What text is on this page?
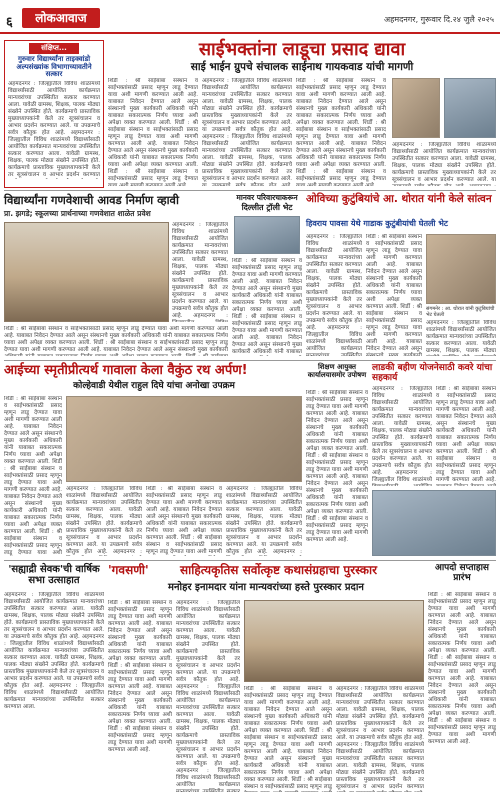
६	लोकआवाज	अहमदनगर, गुरूवार दि.२४ जुलै २०२५
संक्षिप्त...
गुरुवार विद्यार्थ्यांना ताइक्वांडो अल्पसंख्यांक विभागाच्यावतीने सत्कार
अहमदनगर : जिल्ह्यातील विविध शाळांमध्ये विद्यार्थ्यांसाठी आयोजित कार्यक्रमात मान्यवरांच्या उपस्थितीत सत्कार करण्यात आला. यावेळी ग्रामस्थ, शिक्षक, पालक मोठ्या संख्येने उपस्थित होते. कार्यक्रमाचे प्रास्ताविक मुख्याध्यापकांनी केले तर सूत्रसंचालन व आभार प्रदर्शन करण्यात आले. या उपक्रमाचे सर्वत्र कौतुक होत आहे. अहमदनगर : जिल्ह्यातील विविध शाळांमध्ये विद्यार्थ्यांसाठी आयोजित कार्यक्रमात मान्यवरांच्या उपस्थितीत सत्कार करण्यात आला. यावेळी ग्रामस्थ, शिक्षक, पालक मोठ्या संख्येने उपस्थित होते. कार्यक्रमाचे प्रास्ताविक मुख्याध्यापकांनी केले तर सूत्रसंचालन व आभार प्रदर्शन करण्यात आले. या उपक्रमाचे सर्वत्र कौतुक होत आहे. अहमदनगर : जिल्ह्यातील विविध शाळांमध्ये विद्यार्थ्यांसाठी आयोजित कार्यक्रमात मान्यवरांच्या उपस्थितीत सत्कार करण्यात आला.
साईभक्तांना लाडूचा प्रसाद द्यावा
साई भाईन ग्रुपचे संचालक साईनाथ गायकवाड यांची मागणी
शिर्डी : श्री साईबाबा संस्थान व साईभक्तांसाठी प्रसाद म्हणून लाडू देण्यात यावा अशी मागणी करण्यात आली आहे. याबाबत निवेदन देण्यात आले असून संस्थानचे मुख्य कार्यकारी अधिकारी यांनी याबाबत सकारात्मक निर्णय घ्यावा अशी अपेक्षा व्यक्त करण्यात आली. शिर्डी : श्री साईबाबा संस्थान व साईभक्तांसाठी प्रसाद म्हणून लाडू देण्यात यावा अशी मागणी करण्यात आली आहे. याबाबत निवेदन देण्यात आले असून संस्थानचे मुख्य कार्यकारी अधिकारी यांनी याबाबत सकारात्मक निर्णय घ्यावा अशी अपेक्षा व्यक्त करण्यात आली. शिर्डी : श्री साईबाबा संस्थान व साईभक्तांसाठी प्रसाद म्हणून लाडू देण्यात यावा अशी मागणी करण्यात आली आहे.
अहमदनगर : जिल्ह्यातील विविध शाळांमध्ये विद्यार्थ्यांसाठी आयोजित कार्यक्रमात मान्यवरांच्या उपस्थितीत सत्कार करण्यात आला. यावेळी ग्रामस्थ, शिक्षक, पालक मोठ्या संख्येने उपस्थित होते. कार्यक्रमाचे प्रास्ताविक मुख्याध्यापकांनी केले तर सूत्रसंचालन व आभार प्रदर्शन करण्यात आले. या उपक्रमाचे सर्वत्र कौतुक होत आहे. अहमदनगर : जिल्ह्यातील विविध शाळांमध्ये विद्यार्थ्यांसाठी आयोजित कार्यक्रमात मान्यवरांच्या उपस्थितीत सत्कार करण्यात आला. यावेळी ग्रामस्थ, शिक्षक, पालक मोठ्या संख्येने उपस्थित होते. कार्यक्रमाचे प्रास्ताविक मुख्याध्यापकांनी केले तर सूत्रसंचालन व आभार प्रदर्शन करण्यात आले. या उपक्रमाचे सर्वत्र कौतुक होत आहे. अहमदनगर : जिल्ह्यातील विविध शाळांमध्ये विद्यार्थ्यांसाठी आयोजित कार्यक्रमात मान्यवरांच्या उपस्थितीत सत्कार करण्यात आला.
शिर्डी : श्री साईबाबा संस्थान व साईभक्तांसाठी प्रसाद म्हणून लाडू देण्यात यावा अशी मागणी करण्यात आली आहे. याबाबत निवेदन देण्यात आले असून संस्थानचे मुख्य कार्यकारी अधिकारी यांनी याबाबत सकारात्मक निर्णय घ्यावा अशी अपेक्षा व्यक्त करण्यात आली. शिर्डी : श्री साईबाबा संस्थान व साईभक्तांसाठी प्रसाद म्हणून लाडू देण्यात यावा अशी मागणी करण्यात आली आहे. याबाबत निवेदन देण्यात आले असून संस्थानचे मुख्य कार्यकारी अधिकारी यांनी याबाबत सकारात्मक निर्णय घ्यावा अशी अपेक्षा व्यक्त करण्यात आली. शिर्डी : श्री साईबाबा संस्थान व साईभक्तांसाठी प्रसाद म्हणून लाडू देण्यात यावा अशी मागणी करण्यात आली आहे.
अहमदनगर : जिल्ह्यातील विविध शाळांमध्ये विद्यार्थ्यांसाठी आयोजित कार्यक्रमात मान्यवरांच्या उपस्थितीत सत्कार करण्यात आला. यावेळी ग्रामस्थ, शिक्षक, पालक मोठ्या संख्येने उपस्थित होते. कार्यक्रमाचे प्रास्ताविक मुख्याध्यापकांनी केले तर सूत्रसंचालन व आभार प्रदर्शन करण्यात आले. या उपक्रमाचे सर्वत्र कौतुक होत आहे. अहमदनगर : जिल्ह्यातील विविध शाळांमध्ये विद्यार्थ्यांसाठी आयोजित कार्यक्रमात मान्यवरांच्या उपस्थितीत सत्कार करण्यात आला. यावेळी ग्रामस्थ, शिक्षक, पालक मोठ्या संख्येने उपस्थित होते. कार्यक्रमाचे प्रास्ताविक मुख्याध्यापकांनी केले तर सूत्रसंचालन व आभार प्रदर्शन करण्यात आले. या उपक्रमाचे सर्वत्र कौतुक होत आहे. अहमदनगर : जिल्ह्यातील विविध शाळांमध्ये विद्यार्थ्यांसाठी आयोजित कार्यक्रमात मान्यवरांच्या उपस्थितीत सत्कार करण्यात आला.
विद्यार्थ्यांना गणवेशाची आवड निर्माण व्हावी
प्रा. झगडे; स्कूलच्या प्रार्थनाच्या गणवेशात शाळेत प्रवेश
अहमदनगर : जिल्ह्यातील विविध शाळांमध्ये विद्यार्थ्यांसाठी आयोजित कार्यक्रमात मान्यवरांच्या उपस्थितीत सत्कार करण्यात आला. यावेळी ग्रामस्थ, शिक्षक, पालक मोठ्या संख्येने उपस्थित होते. कार्यक्रमाचे प्रास्ताविक मुख्याध्यापकांनी केले तर सूत्रसंचालन व आभार प्रदर्शन करण्यात आले. या उपक्रमाचे सर्वत्र कौतुक होत आहे. अहमदनगर : जिल्ह्यातील विविध शाळांमध्ये विद्यार्थ्यांसाठी आयोजित कार्यक्रमात मान्यवरांच्या उपस्थितीत सत्कार करण्यात आला. यावेळी ग्रामस्थ, शिक्षक, पालक मोठ्या संख्येने उपस्थित होते. कार्यक्रमाचे प्रास्ताविक मुख्याध्यापकांनी केले तर सूत्रसंचालन व आभार प्रदर्शन करण्यात आले. या उपक्रमाचे सर्वत्र कौतुक होत आहे. अहमदनगर : जिल्ह्यातील विविध शाळांमध्ये विद्यार्थ्यांसाठी आयोजित कार्यक्रमात मान्यवरांच्या उपस्थितीत सत्कार करण्यात आला.
शिर्डी : श्री साईबाबा संस्थान व साईभक्तांसाठी प्रसाद म्हणून लाडू देण्यात यावा अशी मागणी करण्यात आली आहे. याबाबत निवेदन देण्यात आले असून संस्थानचे मुख्य कार्यकारी अधिकारी यांनी याबाबत सकारात्मक निर्णय घ्यावा अशी अपेक्षा व्यक्त करण्यात आली. शिर्डी : श्री साईबाबा संस्थान व साईभक्तांसाठी प्रसाद म्हणून लाडू देण्यात यावा अशी मागणी करण्यात आली आहे. याबाबत निवेदन देण्यात आले असून संस्थानचे मुख्य कार्यकारी अधिकारी यांनी याबाबत सकारात्मक निर्णय घ्यावा अशी अपेक्षा व्यक्त करण्यात आली. शिर्डी : श्री साईबाबा संस्थान व साईभक्तांसाठी प्रसाद म्हणून लाडू देण्यात यावा अशी मागणी करण्यात आली आहे.
मानवर परिवारचाकरून
दिल्लीत ट्रॉली भेट
शिर्डी : श्री साईबाबा संस्थान व साईभक्तांसाठी प्रसाद म्हणून लाडू देण्यात यावा अशी मागणी करण्यात आली आहे. याबाबत निवेदन देण्यात आले असून संस्थानचे मुख्य कार्यकारी अधिकारी यांनी याबाबत सकारात्मक निर्णय घ्यावा अशी अपेक्षा व्यक्त करण्यात आली. शिर्डी : श्री साईबाबा संस्थान व साईभक्तांसाठी प्रसाद म्हणून लाडू देण्यात यावा अशी मागणी करण्यात आली आहे. याबाबत निवेदन देण्यात आले असून संस्थानचे मुख्य कार्यकारी अधिकारी यांनी याबाबत सकारात्मक निर्णय घ्यावा अशी अपेक्षा व्यक्त करण्यात आली. शिर्डी : श्री साईबाबा संस्थान व साईभक्तांसाठी प्रसाद म्हणून लाडू देण्यात यावा अशी मागणी करण्यात आली आहे.
ओविच्या कुटुंबियांचे आ. थोरात यांनी केले सांत्वन
हिवराय पावसा येथे गाडाक कुटुंबीयांची घेतली भेट
अहमदनगर : जिल्ह्यातील विविध शाळांमध्ये विद्यार्थ्यांसाठी आयोजित कार्यक्रमात मान्यवरांच्या उपस्थितीत सत्कार करण्यात आला. यावेळी ग्रामस्थ, शिक्षक, पालक मोठ्या संख्येने उपस्थित होते. कार्यक्रमाचे प्रास्ताविक मुख्याध्यापकांनी केले तर सूत्रसंचालन व आभार प्रदर्शन करण्यात आले. या उपक्रमाचे सर्वत्र कौतुक होत आहे. अहमदनगर : जिल्ह्यातील विविध शाळांमध्ये विद्यार्थ्यांसाठी आयोजित कार्यक्रमात मान्यवरांच्या उपस्थितीत सत्कार करण्यात आला. यावेळी ग्रामस्थ, शिक्षक, पालक मोठ्या संख्येने उपस्थित होते. कार्यक्रमाचे प्रास्ताविक मुख्याध्यापकांनी केले तर सूत्रसंचालन व आभार प्रदर्शन करण्यात आले. या उपक्रमाचे सर्वत्र कौतुक होत आहे. अहमदनगर : जिल्ह्यातील विविध शाळांमध्ये विद्यार्थ्यांसाठी आयोजित कार्यक्रमात मान्यवरांच्या उपस्थितीत सत्कार करण्यात आला.
शिर्डी : श्री साईबाबा संस्थान व साईभक्तांसाठी प्रसाद म्हणून लाडू देण्यात यावा अशी मागणी करण्यात आली आहे. याबाबत निवेदन देण्यात आले असून संस्थानचे मुख्य कार्यकारी अधिकारी यांनी याबाबत सकारात्मक निर्णय घ्यावा अशी अपेक्षा व्यक्त करण्यात आली. शिर्डी : श्री साईबाबा संस्थान व साईभक्तांसाठी प्रसाद म्हणून लाडू देण्यात यावा अशी मागणी करण्यात आली आहे. याबाबत निवेदन देण्यात आले असून संस्थानचे मुख्य कार्यकारी अधिकारी यांनी याबाबत सकारात्मक निर्णय घ्यावा अशी अपेक्षा व्यक्त करण्यात आली. शिर्डी : श्री साईबाबा संस्थान व साईभक्तांसाठी प्रसाद म्हणून लाडू देण्यात यावा अशी मागणी करण्यात आली आहे.
संगमनेर : आ. थोरात यांनी कुटुंबियांची भेट घेतली
अहमदनगर : जिल्ह्यातील विविध शाळांमध्ये विद्यार्थ्यांसाठी आयोजित कार्यक्रमात मान्यवरांच्या उपस्थितीत सत्कार करण्यात आला. यावेळी ग्रामस्थ, शिक्षक, पालक मोठ्या संख्येने उपस्थित होते. कार्यक्रमाचे प्रास्ताविक मुख्याध्यापकांनी केले तर सूत्रसंचालन व आभार प्रदर्शन करण्यात आले. या उपक्रमाचे सर्वत्र कौतुक होत आहे. अहमदनगर : जिल्ह्यातील विविध शाळांमध्ये विद्यार्थ्यांसाठी आयोजित कार्यक्रमात मान्यवरांच्या उपस्थितीत सत्कार करण्यात आला. यावेळी ग्रामस्थ, शिक्षक, पालक मोठ्या संख्येने उपस्थित होते. कार्यक्रमाचे प्रास्ताविक मुख्याध्यापकांनी केले तर सूत्रसंचालन व आभार प्रदर्शन करण्यात आले. या उपक्रमाचे सर्वत्र कौतुक होत आहे. अहमदनगर : जिल्ह्यातील विविध शाळांमध्ये विद्यार्थ्यांसाठी आयोजित कार्यक्रमात मान्यवरांच्या उपस्थितीत सत्कार करण्यात आला.
आईच्या स्मृतीप्रीत्यर्थ गावाला केला वैकुंठ रथ अर्पण!
कोल्हेवाडी येथील राहुल दिघे यांचा अनोखा उपक्रम
शिर्डी : श्री साईबाबा संस्थान व साईभक्तांसाठी प्रसाद म्हणून लाडू देण्यात यावा अशी मागणी करण्यात आली आहे. याबाबत निवेदन देण्यात आले असून संस्थानचे मुख्य कार्यकारी अधिकारी यांनी याबाबत सकारात्मक निर्णय घ्यावा अशी अपेक्षा व्यक्त करण्यात आली. शिर्डी : श्री साईबाबा संस्थान व साईभक्तांसाठी प्रसाद म्हणून लाडू देण्यात यावा अशी मागणी करण्यात आली आहे. याबाबत निवेदन देण्यात आले असून संस्थानचे मुख्य कार्यकारी अधिकारी यांनी याबाबत सकारात्मक निर्णय घ्यावा अशी अपेक्षा व्यक्त करण्यात आली. शिर्डी : श्री साईबाबा संस्थान व साईभक्तांसाठी प्रसाद म्हणून लाडू देण्यात यावा अशी मागणी करण्यात आली आहे.
अहमदनगर : जिल्ह्यातील विविध शाळांमध्ये विद्यार्थ्यांसाठी आयोजित कार्यक्रमात मान्यवरांच्या उपस्थितीत सत्कार करण्यात आला. यावेळी ग्रामस्थ, शिक्षक, पालक मोठ्या संख्येने उपस्थित होते. कार्यक्रमाचे प्रास्ताविक मुख्याध्यापकांनी केले तर सूत्रसंचालन व आभार प्रदर्शन करण्यात आले. या उपक्रमाचे सर्वत्र कौतुक होत आहे. अहमदनगर : जिल्ह्यातील विविध शाळांमध्ये विद्यार्थ्यांसाठी आयोजित कार्यक्रमात मान्यवरांच्या उपस्थितीत सत्कार करण्यात आला. यावेळी ग्रामस्थ, शिक्षक, पालक मोठ्या संख्येने उपस्थित होते. कार्यक्रमाचे प्रास्ताविक मुख्याध्यापकांनी केले तर सूत्रसंचालन व आभार प्रदर्शन करण्यात आले. या उपक्रमाचे सर्वत्र कौतुक होत आहे. अहमदनगर : जिल्ह्यातील विविध शाळांमध्ये विद्यार्थ्यांसाठी आयोजित कार्यक्रमात मान्यवरांच्या उपस्थितीत सत्कार करण्यात आला.
शिर्डी : श्री साईबाबा संस्थान व साईभक्तांसाठी प्रसाद म्हणून लाडू देण्यात यावा अशी मागणी करण्यात आली आहे. याबाबत निवेदन देण्यात आले असून संस्थानचे मुख्य कार्यकारी अधिकारी यांनी याबाबत सकारात्मक निर्णय घ्यावा अशी अपेक्षा व्यक्त करण्यात आली. शिर्डी : श्री साईबाबा संस्थान व साईभक्तांसाठी प्रसाद म्हणून लाडू देण्यात यावा अशी मागणी करण्यात आली आहे. याबाबत निवेदन देण्यात आले असून संस्थानचे मुख्य कार्यकारी अधिकारी यांनी याबाबत सकारात्मक निर्णय घ्यावा अशी अपेक्षा व्यक्त करण्यात आली. शिर्डी : श्री साईबाबा संस्थान व साईभक्तांसाठी प्रसाद म्हणून लाडू देण्यात यावा अशी मागणी करण्यात आली आहे.
अहमदनगर : जिल्ह्यातील विविध शाळांमध्ये विद्यार्थ्यांसाठी आयोजित कार्यक्रमात मान्यवरांच्या उपस्थितीत सत्कार करण्यात आला. यावेळी ग्रामस्थ, शिक्षक, पालक मोठ्या संख्येने उपस्थित होते. कार्यक्रमाचे प्रास्ताविक मुख्याध्यापकांनी केले तर सूत्रसंचालन व आभार प्रदर्शन करण्यात आले. या उपक्रमाचे सर्वत्र कौतुक होत आहे. अहमदनगर : जिल्ह्यातील विविध शाळांमध्ये विद्यार्थ्यांसाठी आयोजित कार्यक्रमात मान्यवरांच्या उपस्थितीत सत्कार करण्यात आला. यावेळी ग्रामस्थ, शिक्षक, पालक मोठ्या संख्येने उपस्थित होते. कार्यक्रमाचे प्रास्ताविक मुख्याध्यापकांनी केले तर सूत्रसंचालन व आभार प्रदर्शन करण्यात आले. या उपक्रमाचे सर्वत्र कौतुक होत आहे. अहमदनगर : जिल्ह्यातील विविध शाळांमध्ये विद्यार्थ्यांसाठी आयोजित कार्यक्रमात मान्यवरांच्या उपस्थितीत सत्कार करण्यात आला.
शिक्षण आयुक्त कार्यालयासमोर उपोषण
शिर्डी : श्री साईबाबा संस्थान व साईभक्तांसाठी प्रसाद म्हणून लाडू देण्यात यावा अशी मागणी करण्यात आली आहे. याबाबत निवेदन देण्यात आले असून संस्थानचे मुख्य कार्यकारी अधिकारी यांनी याबाबत सकारात्मक निर्णय घ्यावा अशी अपेक्षा व्यक्त करण्यात आली. शिर्डी : श्री साईबाबा संस्थान व साईभक्तांसाठी प्रसाद म्हणून लाडू देण्यात यावा अशी मागणी करण्यात आली आहे. याबाबत निवेदन देण्यात आले असून संस्थानचे मुख्य कार्यकारी अधिकारी यांनी याबाबत सकारात्मक निर्णय घ्यावा अशी अपेक्षा व्यक्त करण्यात आली. शिर्डी : श्री साईबाबा संस्थान व साईभक्तांसाठी प्रसाद म्हणून लाडू देण्यात यावा अशी मागणी करण्यात आली आहे.
लाडकी बहीण योजनेसाठी कवरे यांचा सहकार्य
अहमदनगर : जिल्ह्यातील विविध शाळांमध्ये विद्यार्थ्यांसाठी आयोजित कार्यक्रमात मान्यवरांच्या उपस्थितीत सत्कार करण्यात आला. यावेळी ग्रामस्थ, शिक्षक, पालक मोठ्या संख्येने उपस्थित होते. कार्यक्रमाचे प्रास्ताविक मुख्याध्यापकांनी केले तर सूत्रसंचालन व आभार प्रदर्शन करण्यात आले. या उपक्रमाचे सर्वत्र कौतुक होत आहे. अहमदनगर : जिल्ह्यातील विविध शाळांमध्ये विद्यार्थ्यांसाठी आयोजित कार्यक्रमात मान्यवरांच्या उपस्थितीत सत्कार करण्यात आला. यावेळी ग्रामस्थ, शिक्षक, पालक मोठ्या संख्येने उपस्थित होते. कार्यक्रमाचे प्रास्ताविक मुख्याध्यापकांनी केले तर सूत्रसंचालन व आभार प्रदर्शन करण्यात आले. या उपक्रमाचे सर्वत्र कौतुक होत आहे. अहमदनगर : जिल्ह्यातील विविध शाळांमध्ये विद्यार्थ्यांसाठी आयोजित कार्यक्रमात मान्यवरांच्या उपस्थितीत सत्कार करण्यात आला.
शिर्डी : श्री साईबाबा संस्थान व साईभक्तांसाठी प्रसाद म्हणून लाडू देण्यात यावा अशी मागणी करण्यात आली आहे. याबाबत निवेदन देण्यात आले असून संस्थानचे मुख्य कार्यकारी अधिकारी यांनी याबाबत सकारात्मक निर्णय घ्यावा अशी अपेक्षा व्यक्त करण्यात आली. शिर्डी : श्री साईबाबा संस्थान व साईभक्तांसाठी प्रसाद म्हणून लाडू देण्यात यावा अशी मागणी करण्यात आली आहे. याबाबत निवेदन देण्यात आले असून संस्थानचे मुख्य कार्यकारी अधिकारी यांनी याबाबत सकारात्मक निर्णय घ्यावा अशी अपेक्षा व्यक्त करण्यात आली. शिर्डी : श्री साईबाबा संस्थान व साईभक्तांसाठी प्रसाद म्हणून लाडू देण्यात यावा अशी मागणी करण्यात आली आहे.
'सह्याद्री सेवक'ची वार्षिक सभा उत्साहात
अहमदनगर : जिल्ह्यातील विविध शाळांमध्ये विद्यार्थ्यांसाठी आयोजित कार्यक्रमात मान्यवरांच्या उपस्थितीत सत्कार करण्यात आला. यावेळी ग्रामस्थ, शिक्षक, पालक मोठ्या संख्येने उपस्थित होते. कार्यक्रमाचे प्रास्ताविक मुख्याध्यापकांनी केले तर सूत्रसंचालन व आभार प्रदर्शन करण्यात आले. या उपक्रमाचे सर्वत्र कौतुक होत आहे. अहमदनगर : जिल्ह्यातील विविध शाळांमध्ये विद्यार्थ्यांसाठी आयोजित कार्यक्रमात मान्यवरांच्या उपस्थितीत सत्कार करण्यात आला. यावेळी ग्रामस्थ, शिक्षक, पालक मोठ्या संख्येने उपस्थित होते. कार्यक्रमाचे प्रास्ताविक मुख्याध्यापकांनी केले तर सूत्रसंचालन व आभार प्रदर्शन करण्यात आले. या उपक्रमाचे सर्वत्र कौतुक होत आहे. अहमदनगर : जिल्ह्यातील विविध शाळांमध्ये विद्यार्थ्यांसाठी आयोजित कार्यक्रमात मान्यवरांच्या उपस्थितीत सत्कार करण्यात आला.
'गवसणी'	साहित्यकृतिस सर्वोत्कृष्ट कथासंग्रहाचा पुरस्कार
मनोहर इनामदार यांना मान्यवरांच्या हस्ते पुरस्कार प्रदान
शिर्डी : श्री साईबाबा संस्थान व साईभक्तांसाठी प्रसाद म्हणून लाडू देण्यात यावा अशी मागणी करण्यात आली आहे. याबाबत निवेदन देण्यात आले असून संस्थानचे मुख्य कार्यकारी अधिकारी यांनी याबाबत सकारात्मक निर्णय घ्यावा अशी अपेक्षा व्यक्त करण्यात आली. शिर्डी : श्री साईबाबा संस्थान व साईभक्तांसाठी प्रसाद म्हणून लाडू देण्यात यावा अशी मागणी करण्यात आली आहे. याबाबत निवेदन देण्यात आले असून संस्थानचे मुख्य कार्यकारी अधिकारी यांनी याबाबत सकारात्मक निर्णय घ्यावा अशी अपेक्षा व्यक्त करण्यात आली. शिर्डी : श्री साईबाबा संस्थान व साईभक्तांसाठी प्रसाद म्हणून लाडू देण्यात यावा अशी मागणी करण्यात आली आहे.
अहमदनगर : जिल्ह्यातील विविध शाळांमध्ये विद्यार्थ्यांसाठी आयोजित कार्यक्रमात मान्यवरांच्या उपस्थितीत सत्कार करण्यात आला. यावेळी ग्रामस्थ, शिक्षक, पालक मोठ्या संख्येने उपस्थित होते. कार्यक्रमाचे प्रास्ताविक मुख्याध्यापकांनी केले तर सूत्रसंचालन व आभार प्रदर्शन करण्यात आले. या उपक्रमाचे सर्वत्र कौतुक होत आहे. अहमदनगर : जिल्ह्यातील विविध शाळांमध्ये विद्यार्थ्यांसाठी आयोजित कार्यक्रमात मान्यवरांच्या उपस्थितीत सत्कार करण्यात आला. यावेळी ग्रामस्थ, शिक्षक, पालक मोठ्या संख्येने उपस्थित होते. कार्यक्रमाचे प्रास्ताविक मुख्याध्यापकांनी केले तर सूत्रसंचालन व आभार प्रदर्शन करण्यात आले. या उपक्रमाचे सर्वत्र कौतुक होत आहे. अहमदनगर : जिल्ह्यातील विविध शाळांमध्ये विद्यार्थ्यांसाठी आयोजित कार्यक्रमात मान्यवरांच्या उपस्थितीत सत्कार करण्यात आला.
शिर्डी : श्री साईबाबा संस्थान व साईभक्तांसाठी प्रसाद म्हणून लाडू देण्यात यावा अशी मागणी करण्यात आली आहे. याबाबत निवेदन देण्यात आले असून संस्थानचे मुख्य कार्यकारी अधिकारी यांनी याबाबत सकारात्मक निर्णय घ्यावा अशी अपेक्षा व्यक्त करण्यात आली. शिर्डी : श्री साईबाबा संस्थान व साईभक्तांसाठी प्रसाद म्हणून लाडू देण्यात यावा अशी मागणी करण्यात आली आहे. याबाबत निवेदन देण्यात आले असून संस्थानचे मुख्य कार्यकारी अधिकारी यांनी याबाबत सकारात्मक निर्णय घ्यावा अशी अपेक्षा व्यक्त करण्यात आली. शिर्डी : श्री साईबाबा संस्थान व साईभक्तांसाठी प्रसाद म्हणून लाडू देण्यात यावा अशी मागणी करण्यात आली आहे.
अहमदनगर : जिल्ह्यातील विविध शाळांमध्ये विद्यार्थ्यांसाठी आयोजित कार्यक्रमात मान्यवरांच्या उपस्थितीत सत्कार करण्यात आला. यावेळी ग्रामस्थ, शिक्षक, पालक मोठ्या संख्येने उपस्थित होते. कार्यक्रमाचे प्रास्ताविक मुख्याध्यापकांनी केले तर सूत्रसंचालन व आभार प्रदर्शन करण्यात आले. या उपक्रमाचे सर्वत्र कौतुक होत आहे. अहमदनगर : जिल्ह्यातील विविध शाळांमध्ये विद्यार्थ्यांसाठी आयोजित कार्यक्रमात मान्यवरांच्या उपस्थितीत सत्कार करण्यात आला. यावेळी ग्रामस्थ, शिक्षक, पालक मोठ्या संख्येने उपस्थित होते. कार्यक्रमाचे प्रास्ताविक मुख्याध्यापकांनी केले तर सूत्रसंचालन व आभार प्रदर्शन करण्यात आले. या उपक्रमाचे सर्वत्र कौतुक होत आहे. अहमदनगर : जिल्ह्यातील विविध शाळांमध्ये विद्यार्थ्यांसाठी आयोजित कार्यक्रमात मान्यवरांच्या उपस्थितीत सत्कार करण्यात आला.
आपदो सप्ताहास प्रारंभ
शिर्डी : श्री साईबाबा संस्थान व साईभक्तांसाठी प्रसाद म्हणून लाडू देण्यात यावा अशी मागणी करण्यात आली आहे. याबाबत निवेदन देण्यात आले असून संस्थानचे मुख्य कार्यकारी अधिकारी यांनी याबाबत सकारात्मक निर्णय घ्यावा अशी अपेक्षा व्यक्त करण्यात आली. शिर्डी : श्री साईबाबा संस्थान व साईभक्तांसाठी प्रसाद म्हणून लाडू देण्यात यावा अशी मागणी करण्यात आली आहे. याबाबत निवेदन देण्यात आले असून संस्थानचे मुख्य कार्यकारी अधिकारी यांनी याबाबत सकारात्मक निर्णय घ्यावा अशी अपेक्षा व्यक्त करण्यात आली. शिर्डी : श्री साईबाबा संस्थान व साईभक्तांसाठी प्रसाद म्हणून लाडू देण्यात यावा अशी मागणी करण्यात आली आहे.
